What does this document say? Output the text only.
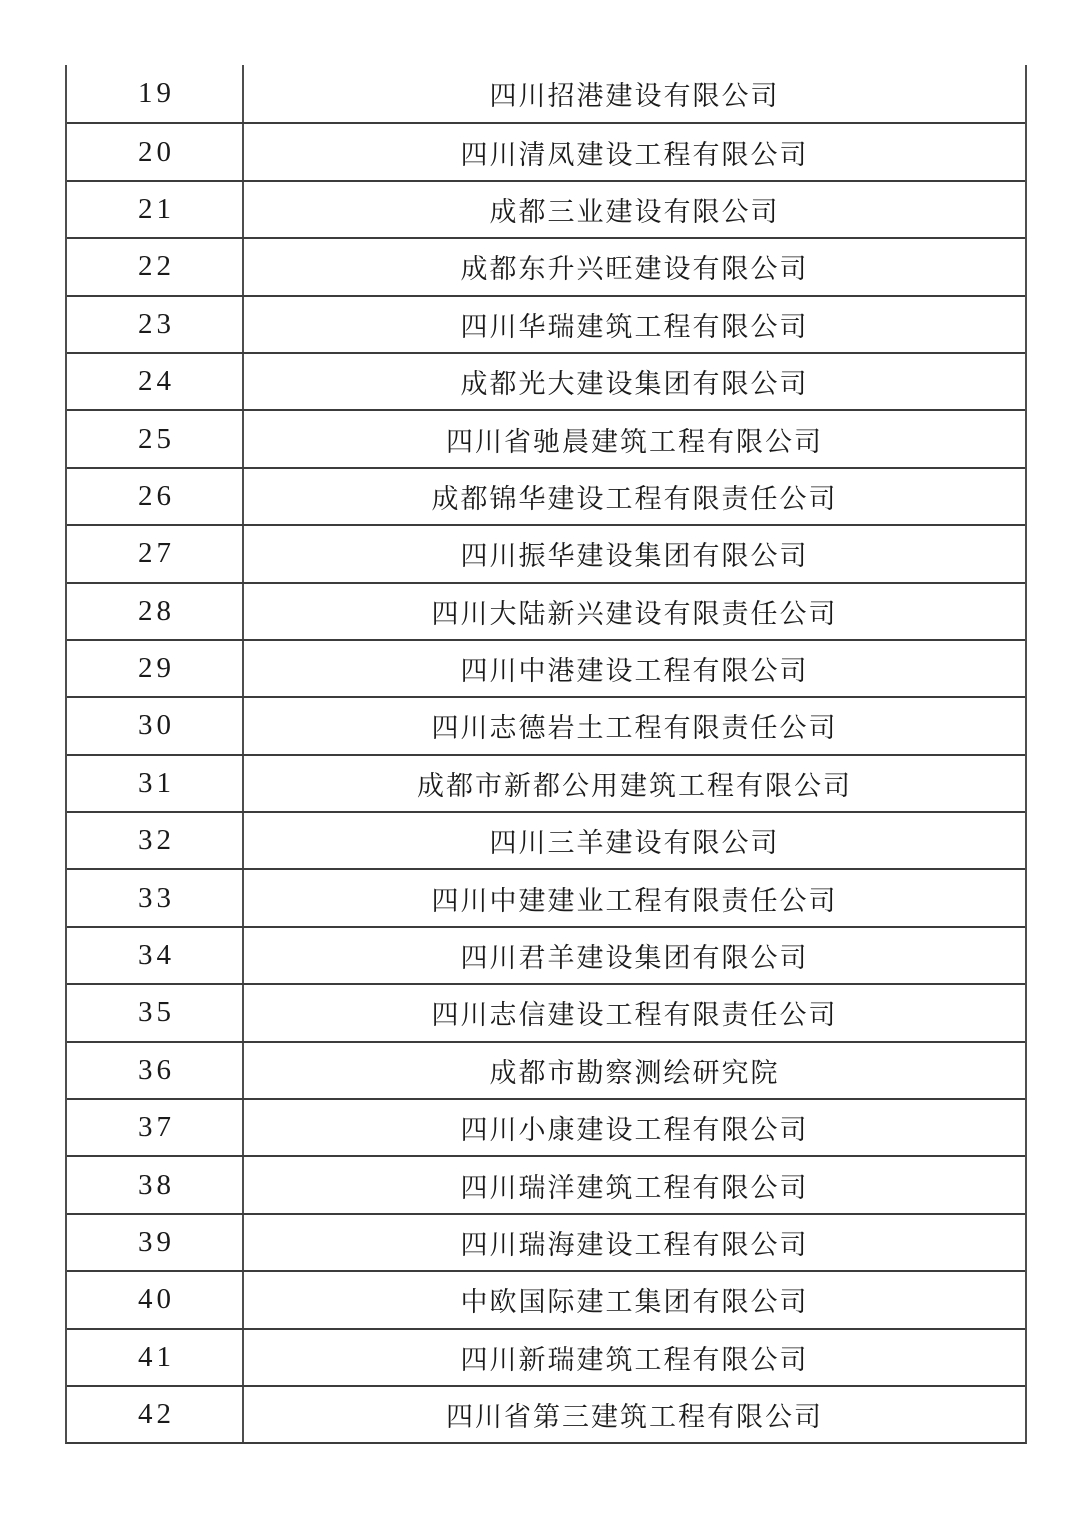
19	四川招港建设有限公司
20	四川清凤建设工程有限公司
21	成都三业建设有限公司
22	成都东升兴旺建设有限公司
23	四川华瑞建筑工程有限公司
24	成都光大建设集团有限公司
25	四川省驰晨建筑工程有限公司
26	成都锦华建设工程有限责任公司
27	四川振华建设集团有限公司
28	四川大陆新兴建设有限责任公司
29	四川中港建设工程有限公司
30	四川志德岩土工程有限责任公司
31	成都市新都公用建筑工程有限公司
32	四川三羊建设有限公司
33	四川中建建业工程有限责任公司
34	四川君羊建设集团有限公司
35	四川志信建设工程有限责任公司
36	成都市勘察测绘研究院
37	四川小康建设工程有限公司
38	四川瑞洋建筑工程有限公司
39	四川瑞海建设工程有限公司
40	中欧国际建工集团有限公司
41	四川新瑞建筑工程有限公司
42	四川省第三建筑工程有限公司
